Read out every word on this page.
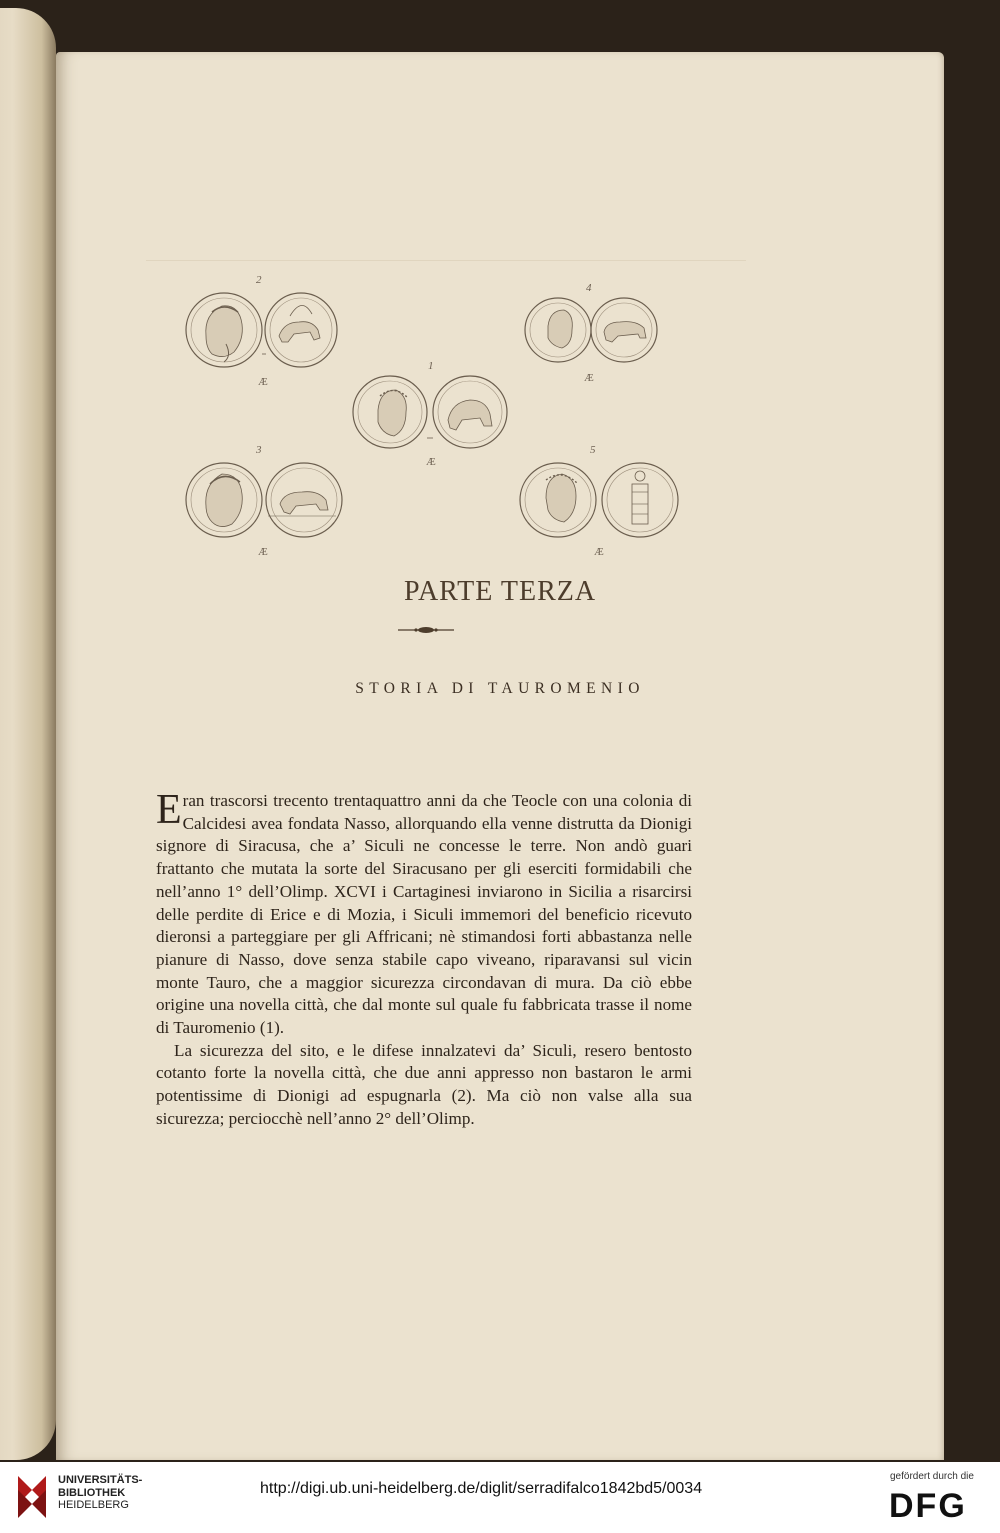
2
Æ
4
Æ
1
Æ
3
Æ
5
Æ
PARTE TERZA
STORIA DI TAUROMENIO

Eran trascorsi trecento trentaquattro anni da che Teocle con una colonia di Calcidesi avea fondata Nasso, allorquando ella venne distrutta da Dionigi signore di Siracusa, che a’ Siculi ne concesse le terre. Non andò guari frattanto che mutata la sorte del Siracusano per gli eserciti formidabili che nell’anno 1° dell’Olimp. XCVI i Cartaginesi inviarono in Sicilia a risarcirsi delle perdite di Erice e di Mozia, i Siculi immemori del beneficio ricevuto dieronsi a parteggiare per gli Affricani; nè stimandosi forti abbastanza nelle pianure di Nasso, dove senza stabile capo viveano, riparavansi sul vicin monte Tauro, che a maggior sicurezza circondavan di mura. Da ciò ebbe origine una novella città, che dal monte sul quale fu fabbricata trasse il nome di Tauromenio (1).

La sicurezza del sito, e le difese innalzatevi da’ Siculi, resero bentosto cotanto forte la novella città, che due anni appresso non bastaron le armi potentissime di Dionigi ad espugnarla (2). Ma ciò non valse alla sua sicurezza; perciocchè nell’anno 2° dell’Olimp.

UNIVERSITÄTS-
BIBLIOTHEK
HEIDELBERG
http://digi.ub.uni-heidelberg.de/diglit/serradifalco1842bd5/0034
gefördert durch die
DFG
